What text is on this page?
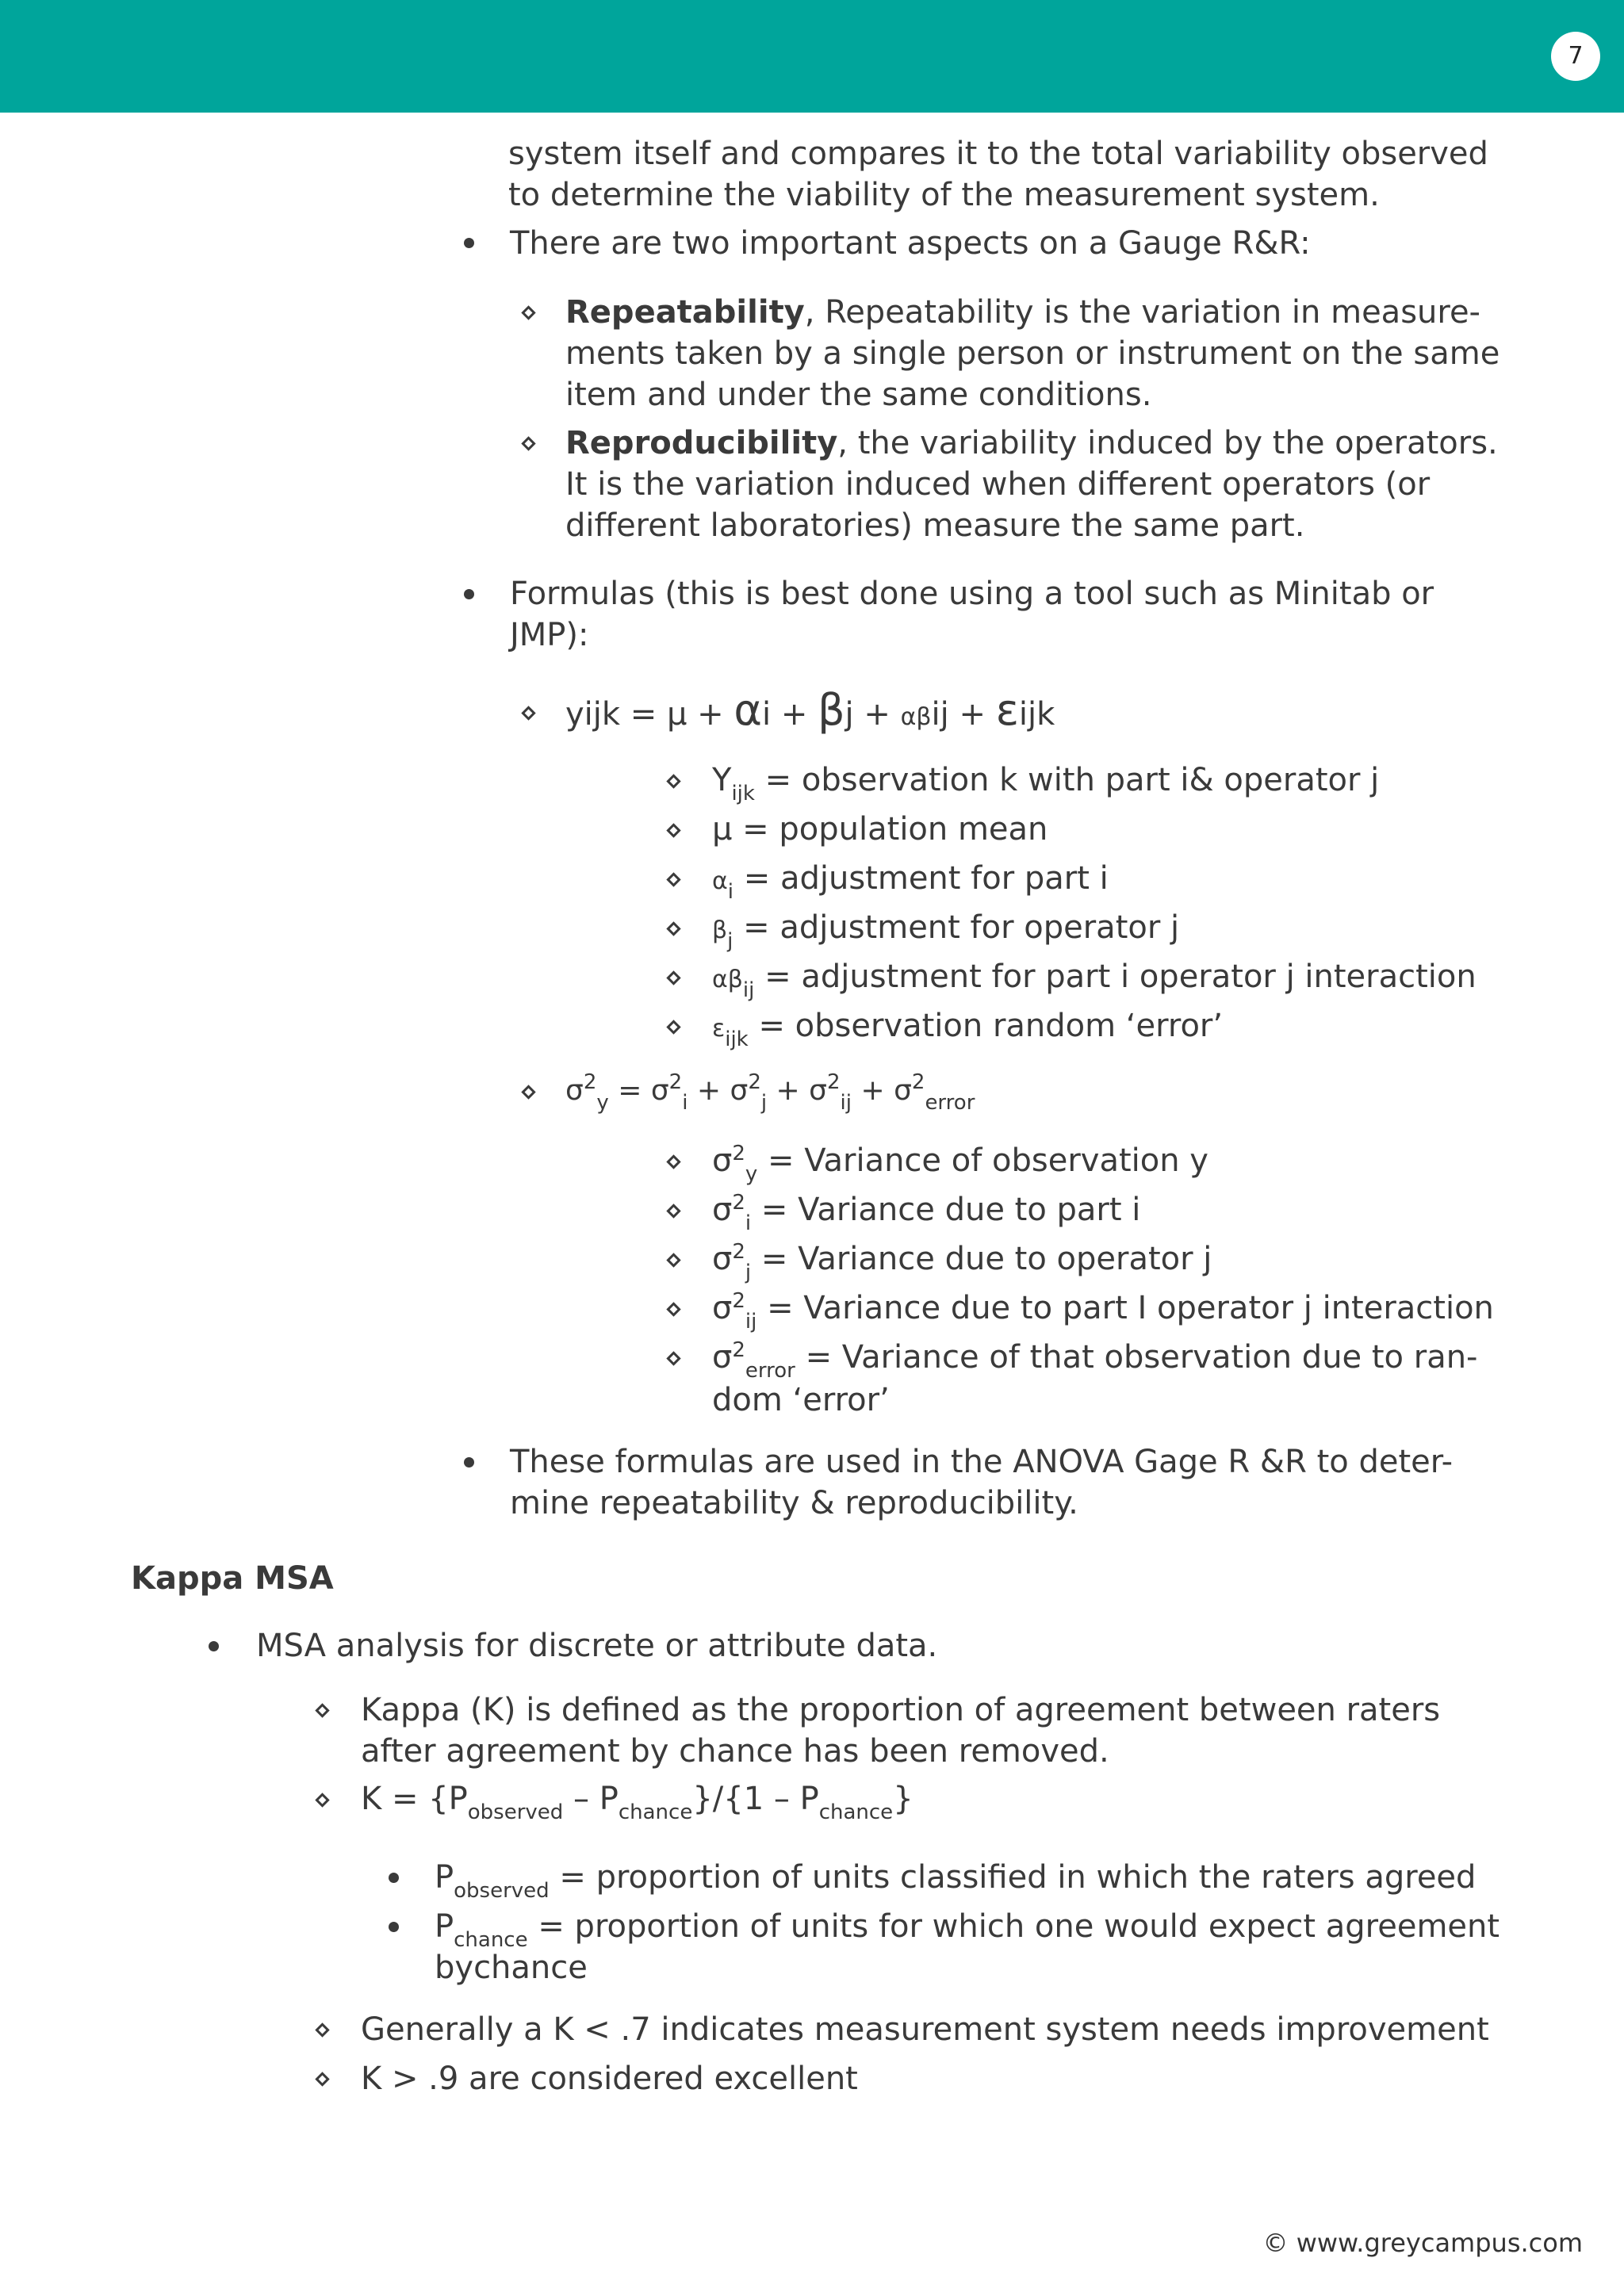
7
system itself and compares it to the total variability observed
to determine the viability of the measurement system.
There are two important aspects on a Gauge R&R:
Repeatability, Repeatability is the variation in measure-
ments taken by a single person or instrument on the same
item and under the same conditions.
Reproducibility, the variability induced by the operators.
It is the variation induced when different operators (or
different laboratories) measure the same part.
Formulas (this is best done using a tool such as Minitab or
JMP):
yijk = μ + αi + βj + αβij + εijk
$Y_{ijk}$ = observation k with part i& operator j
μ = population mean
$\alpha_i$ = adjustment for part i
$\beta_j$ = adjustment for operator j
$\alpha\beta_{ij}$ = adjustment for part i operator j interaction
$\varepsilon_{ijk}$ = observation random ‘error’
$\sigma^2_y = \sigma^2_i + \sigma^2_j + \sigma^2_{ij} + \sigma^2_{error}$
$\sigma^2_y$ = Variance of observation y
$\sigma^2_i$ = Variance due to part i
$\sigma^2_j$ = Variance due to operator j
$\sigma^2_{ij}$ = Variance due to part I operator j interaction
$\sigma^2_{error}$ = Variance of that observation due to ran-
dom ‘error’
These formulas are used in the ANOVA Gage R &R to deter-
mine repeatability & reproducibility.
Kappa MSA
MSA analysis for discrete or attribute data.
Kappa (K) is defined as the proportion of agreement between raters
after agreement by chance has been removed.
$K = \{P_{observed} - P_{chance}\}/\{1 - P_{chance}\}$
$P_{observed}$ = proportion of units classified in which the raters agreed
$P_{chance}$ = proportion of units for which one would expect agreement
bychance
Generally a K < .7 indicates measurement system needs improvement
K > .9 are considered excellent
© www.greycampus.com
